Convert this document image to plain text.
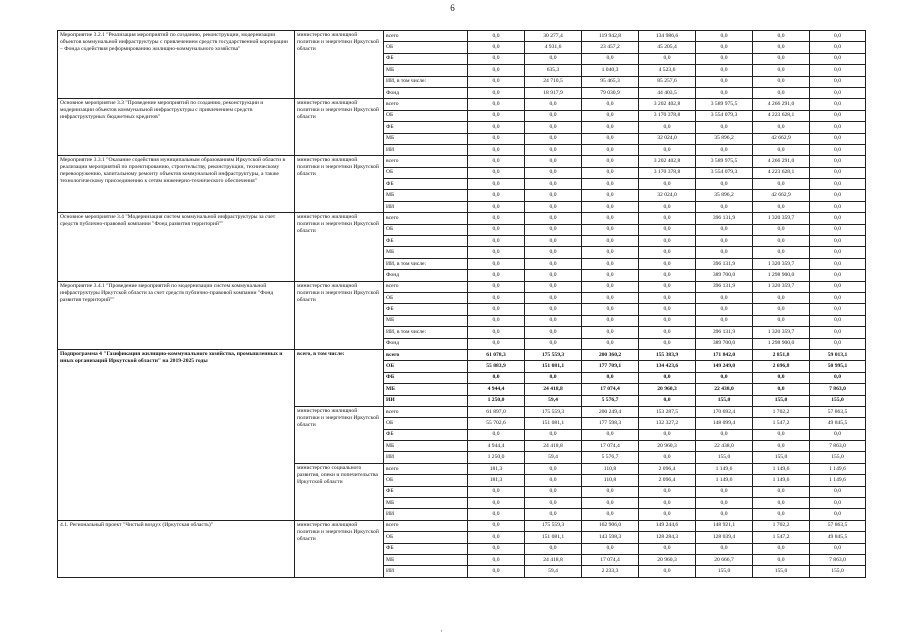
6
Мероприятие 3.2.1 "Реализация мероприятий по созданию, реконструкции, модернизации объектов коммунальной инфраструктуры с привлечением средств государственной корпорации – Фонда содействия реформированию жилищно-коммунального хозяйства"	министерство жилищной политики и энергетики Иркутской области	всего	0,0	30 277,4	119 942,8	134 986,6	0,0	0,0	0,0
		ОБ	0,0	4 931,6	23 457,2	45 205,4	0,0	0,0	0,0
		ФБ	0,0	0,0	0,0	0,0	0,0	0,0	0,0
		МБ	0,0	635,3	1 040,3	4 523,6	0,0	0,0	0,0
		ИИ, в том числе:	0,0	24 710,5	95 465,3	85 257,6	0,0	0,0	0,0
		Фонд	0,0	18 917,9	79 030,9	44 403,5	0,0	0,0	0,0
Основное мероприятие 3.3 "Проведение мероприятий по созданию, реконструкции и модернизации объектов коммунальной инфраструктуры с привлечением средств инфраструктурных бюджетных кредитов"	министерство жилищной политики и энергетики Иркутской области	всего	0,0	0,0	0,0	3 202 402,8	3 589 975,5	4 266 291,0	0,0
		ОБ	0,0	0,0	0,0	3 170 378,8	3 554 079,3	4 223 628,1	0,0
		ФБ	0,0	0,0	0,0	0,0	0,0	0,0	0,0
		МБ	0,0	0,0	0,0	32 024,0	35 896,2	42 662,9	0,0
		ИИ	0,0	0,0	0,0	0,0	0,0	0,0	0,0
Мероприятие 3.3.1 "Оказание содействия муниципальным образованиям Иркутской области в реализации мероприятий по проектированию, строительству, реконструкции, техническому перевооружению, капитальному ремонту объектов коммунальной инфраструктуры, а также технологическому присоединению к сетям инженерно-технического обеспечения"	министерство жилищной политики и энергетики Иркутской области	всего	0,0	0,0	0,0	3 202 402,8	3 589 975,5	4 266 291,0	0,0
		ОБ	0,0	0,0	0,0	3 170 378,8	3 554 079,3	4 223 628,1	0,0
		ФБ	0,0	0,0	0,0	0,0	0,0	0,0	0,0
		МБ	0,0	0,0	0,0	32 024,0	35 896,2	42 662,9	0,0
		ИИ	0,0	0,0	0,0	0,0	0,0	0,0	0,0
Основное мероприятие 3.4 "Модернизация систем коммунальной инфраструктуры за счет средств публично-правовой компании "Фонд развития территорий""	министерство жилищной политики и энергетики Иркутской области	всего	0,0	0,0	0,0	0,0	396 131,9	1 320 359,7	0,0
		ОБ	0,0	0,0	0,0	0,0	0,0	0,0	0,0
		ФБ	0,0	0,0	0,0	0,0	0,0	0,0	0,0
		МБ	0,0	0,0	0,0	0,0	0,0	0,0	0,0
		ИИ, в том числе:	0,0	0,0	0,0	0,0	396 131,9	1 320 359,7	0,0
		Фонд	0,0	0,0	0,0	0,0	389 700,0	1 298 900,0	0,0
Мероприятие 3.4.1 "Проведение мероприятий по модернизации систем коммунальной инфраструктуры Иркутской области за счет средств публично-правовой компании "Фонд развития территорий""	министерство жилищной политики и энергетики Иркутской области	всего	0,0	0,0	0,0	0,0	396 131,9	1 320 359,7	0,0
		ОБ	0,0	0,0	0,0	0,0	0,0	0,0	0,0
		ФБ	0,0	0,0	0,0	0,0	0,0	0,0	0,0
		МБ	0,0	0,0	0,0	0,0	0,0	0,0	0,0
		ИИ, в том числе:	0,0	0,0	0,0	0,0	396 131,9	1 320 359,7	0,0
		Фонд	0,0	0,0	0,0	0,0	389 700,0	1 298 900,0	0,0
Подпрограмма 4 "Газификация жилищно-коммунального хозяйства, промышленных и иных организаций Иркутской области" на 2019-2025 годы	всего, в том числе:	всего	61 078,3	175 559,3	200 360,2	155 383,9	171 842,0	2 851,8	59 013,1
		ОБ	55 883,9	151 081,1	177 709,1	134 423,6	149 249,0	2 696,8	50 995,1
		ФБ	0,0	0,0	0,0	0,0	0,0	0,0	0,0
		МБ	4 944,4	24 418,8	17 074,4	20 960,3	22 438,0	0,0	7 863,0
		ИИ	1 250,0	59,4	5 576,7	0,0	155,0	155,0	155,0
	министерство жилищной политики и энергетики Иркутской области	всего	61 897,0	175 559,3	200 249,4	153 287,5	170 692,4	1 702,2	57 863,5
		ОБ	55 702,6	151 081,1	177 598,3	132 327,2	148 099,4	1 547,2	49 845,5
		ФБ	0,0	0,0	0,0	0,0	0,0	0,0	0,0
		МБ	4 944,4	24 418,8	17 074,4	20 960,3	22 438,0	0,0	7 863,0
		ИИ	1 250,0	59,4	5 576,7	0,0	155,0	155,0	155,0
	министерство социального развития, опеки и попечительства Иркутской области	всего	181,3	0,0	110,8	2 096,4	1 149,6	1 149,6	1 149,6
		ОБ	181,3	0,0	110,8	2 096,4	1 149,6	1 149,6	1 149,6
		ФБ	0,0	0,0	0,0	0,0	0,0	0,0	0,0
		МБ	0,0	0,0	0,0	0,0	0,0	0,0	0,0
		ИИ	0,0	0,0	0,0	0,0	0,0	0,0	0,0
4.1. Региональный проект "Чистый воздух (Иркутская область)"	министерство жилищной политики и энергетики Иркутской области	всего	0,0	175 559,3	162 906,0	149 244,6	148 921,1	1 702,2	57 863,5
		ОБ	0,0	151 081,1	143 598,3	128 284,3	128 039,4	1 547,2	49 845,5
		ФБ	0,0	0,0	0,0	0,0	0,0	0,0	0,0
		МБ	0,0	24 418,8	17 074,4	20 960,3	20 666,7	0,0	7 863,0
		ИИ	0,0	59,4	2 233,3	0,0	155,0	155,0	155,0
·
